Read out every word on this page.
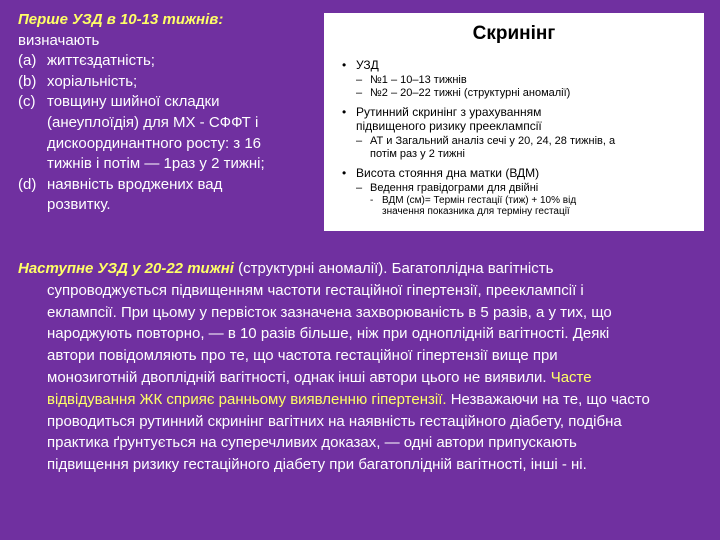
Перше УЗД в 10-13 тижнів:
визначають
(a) життєздатність;
(b) хоріальність;
(c) товщину шийної складки
(анеуплоїдія) для МХ - СФФТ і
дискоординантного росту: з 16
тижнів і потім — 1раз у 2 тижні;
(d) наявність вроджених вад
розвитку.
Скринінг
• УЗД
– №1 – 10–13 тижнів
– №2 – 20–22 тижні (структурні аномалії)
• Рутинний скринінг з урахуванням
підвищеного ризику прееклампсії
– АТ и Загальний аналіз сечі у 20, 24, 28 тижнів, а
потім раз у 2 тижні
• Висота стояння дна матки (ВДМ)
– Ведення гравідограми для двійні
- ВДМ (см)= Термін гестації (тиж) + 10% від
значення показника для терміну гестації
Наступне УЗД у 20-22 тижні (структурні аномалії). Багатоплідна вагітність
супроводжується підвищенням частоти гестаційної гіпертензії, прееклампсії і
еклампсії. При цьому у первісток зазначена захворюваність в 5 разів, а у тих, що
народжують повторно, — в 10 разів більше, ніж при одноплідній вагітності. Деякі
автори повідомляють про те, що частота гестаційної гіпертензії вище при
монозиготній двоплідній вагітності, однак інші автори цього не виявили. Часте
відвідування ЖК сприяє ранньому виявленню гіпертензії. Незважаючи на те, що часто
проводиться рутинний скринінг вагітних на наявність гестаційного діабету, подібна
практика ґрунтується на суперечливих доказах, — одні автори припускають
підвищення ризику гестаційного діабету при багатоплідній вагітності, інші - ні.
